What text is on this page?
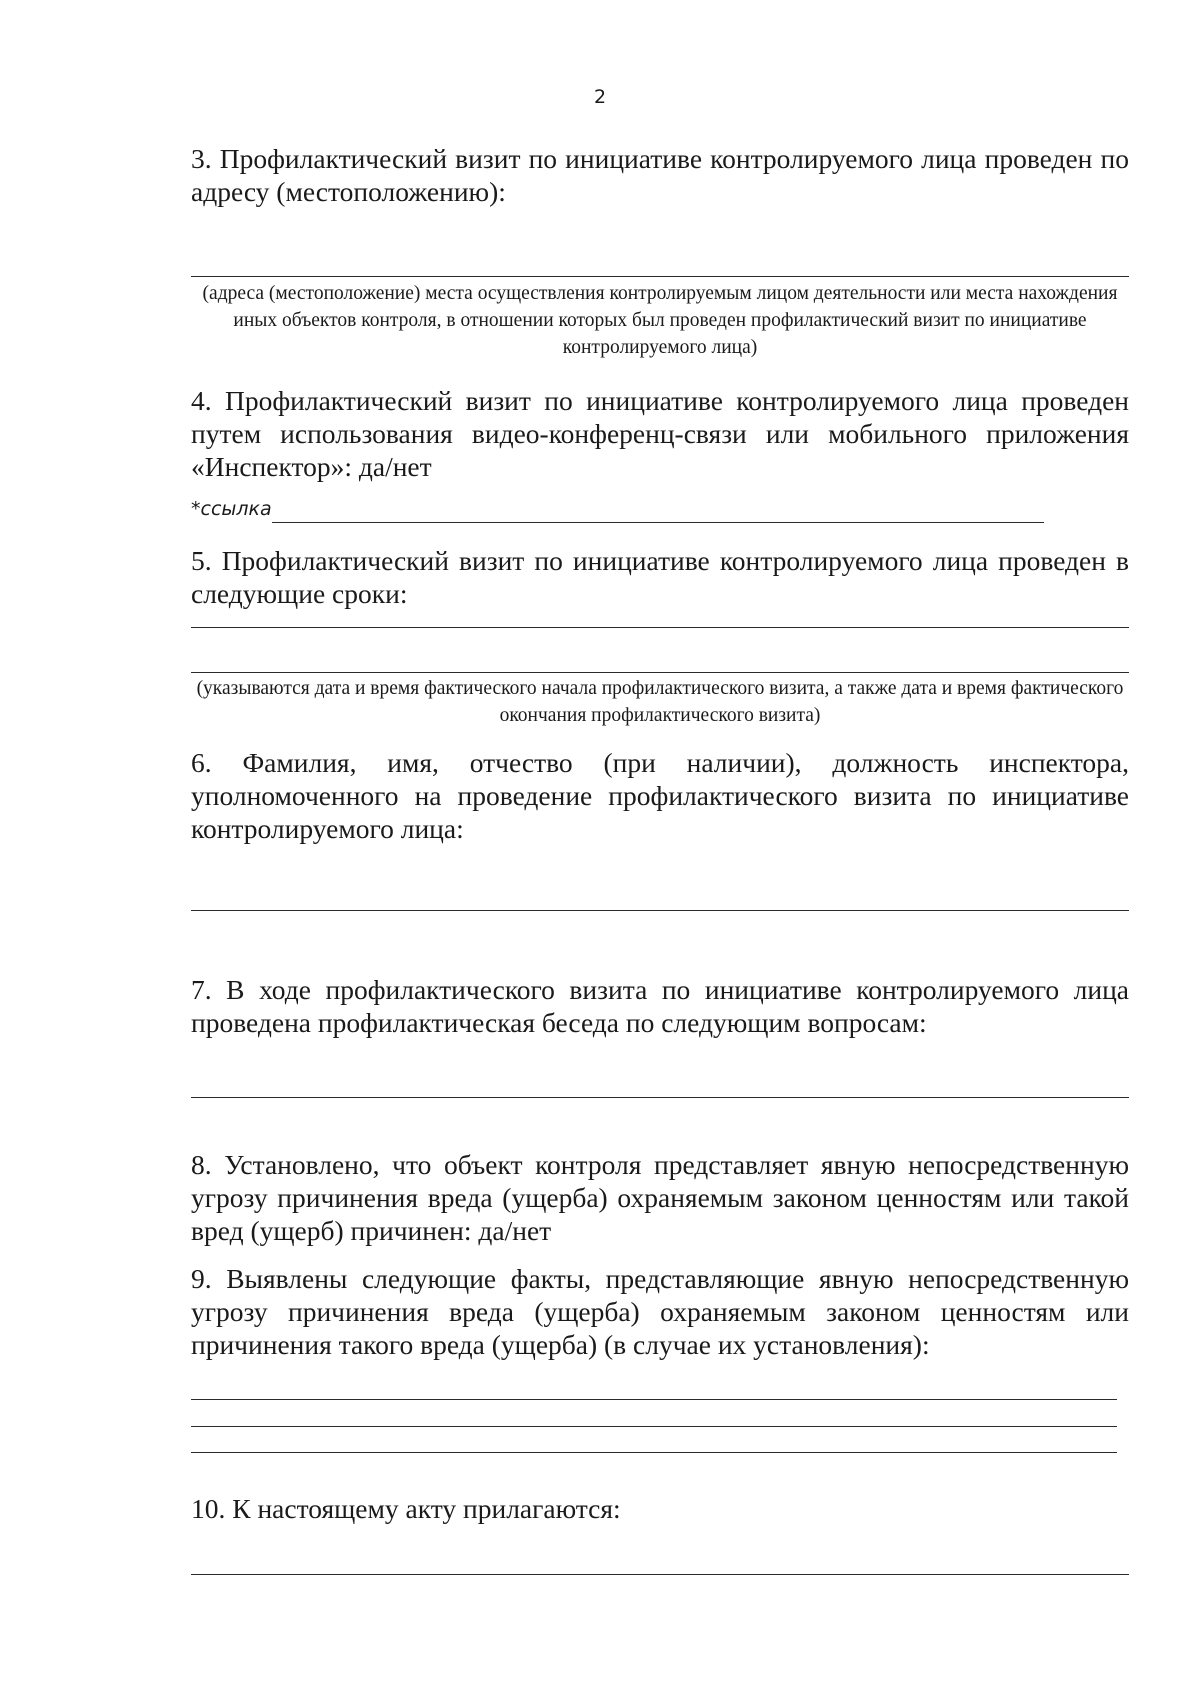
2
3. Профилактический визит по инициативе контролируемого лица проведен по адресу (местоположению):
(адреса (местоположение) места осуществления контролируемым лицом деятельности или места нахождения иных объектов контроля, в отношении которых был проведен профилактический визит по инициативе контролируемого лица)
4. Профилактический визит по инициативе контролируемого лица проведен путем использования видео-конференц-связи или мобильного приложения «Инспектор»: да/нет
*ссылка
5. Профилактический визит по инициативе контролируемого лица проведен в следующие сроки:
(указываются дата и время фактического начала профилактического визита, а также дата и время фактического окончания профилактического визита)
6. Фамилия, имя, отчество (при наличии), должность инспектора, уполномоченного на проведение профилактического визита по инициативе контролируемого лица:
7. В ходе профилактического визита по инициативе контролируемого лица проведена профилактическая беседа по следующим вопросам:
8. Установлено, что объект контроля представляет явную непосредственную угрозу причинения вреда (ущерба) охраняемым законом ценностям или такой вред (ущерб) причинен: да/нет
9. Выявлены следующие факты, представляющие явную непосредственную угрозу причинения вреда (ущерба) охраняемым законом ценностям или причинения такого вреда (ущерба) (в случае их установления):
10. К настоящему акту прилагаются:
